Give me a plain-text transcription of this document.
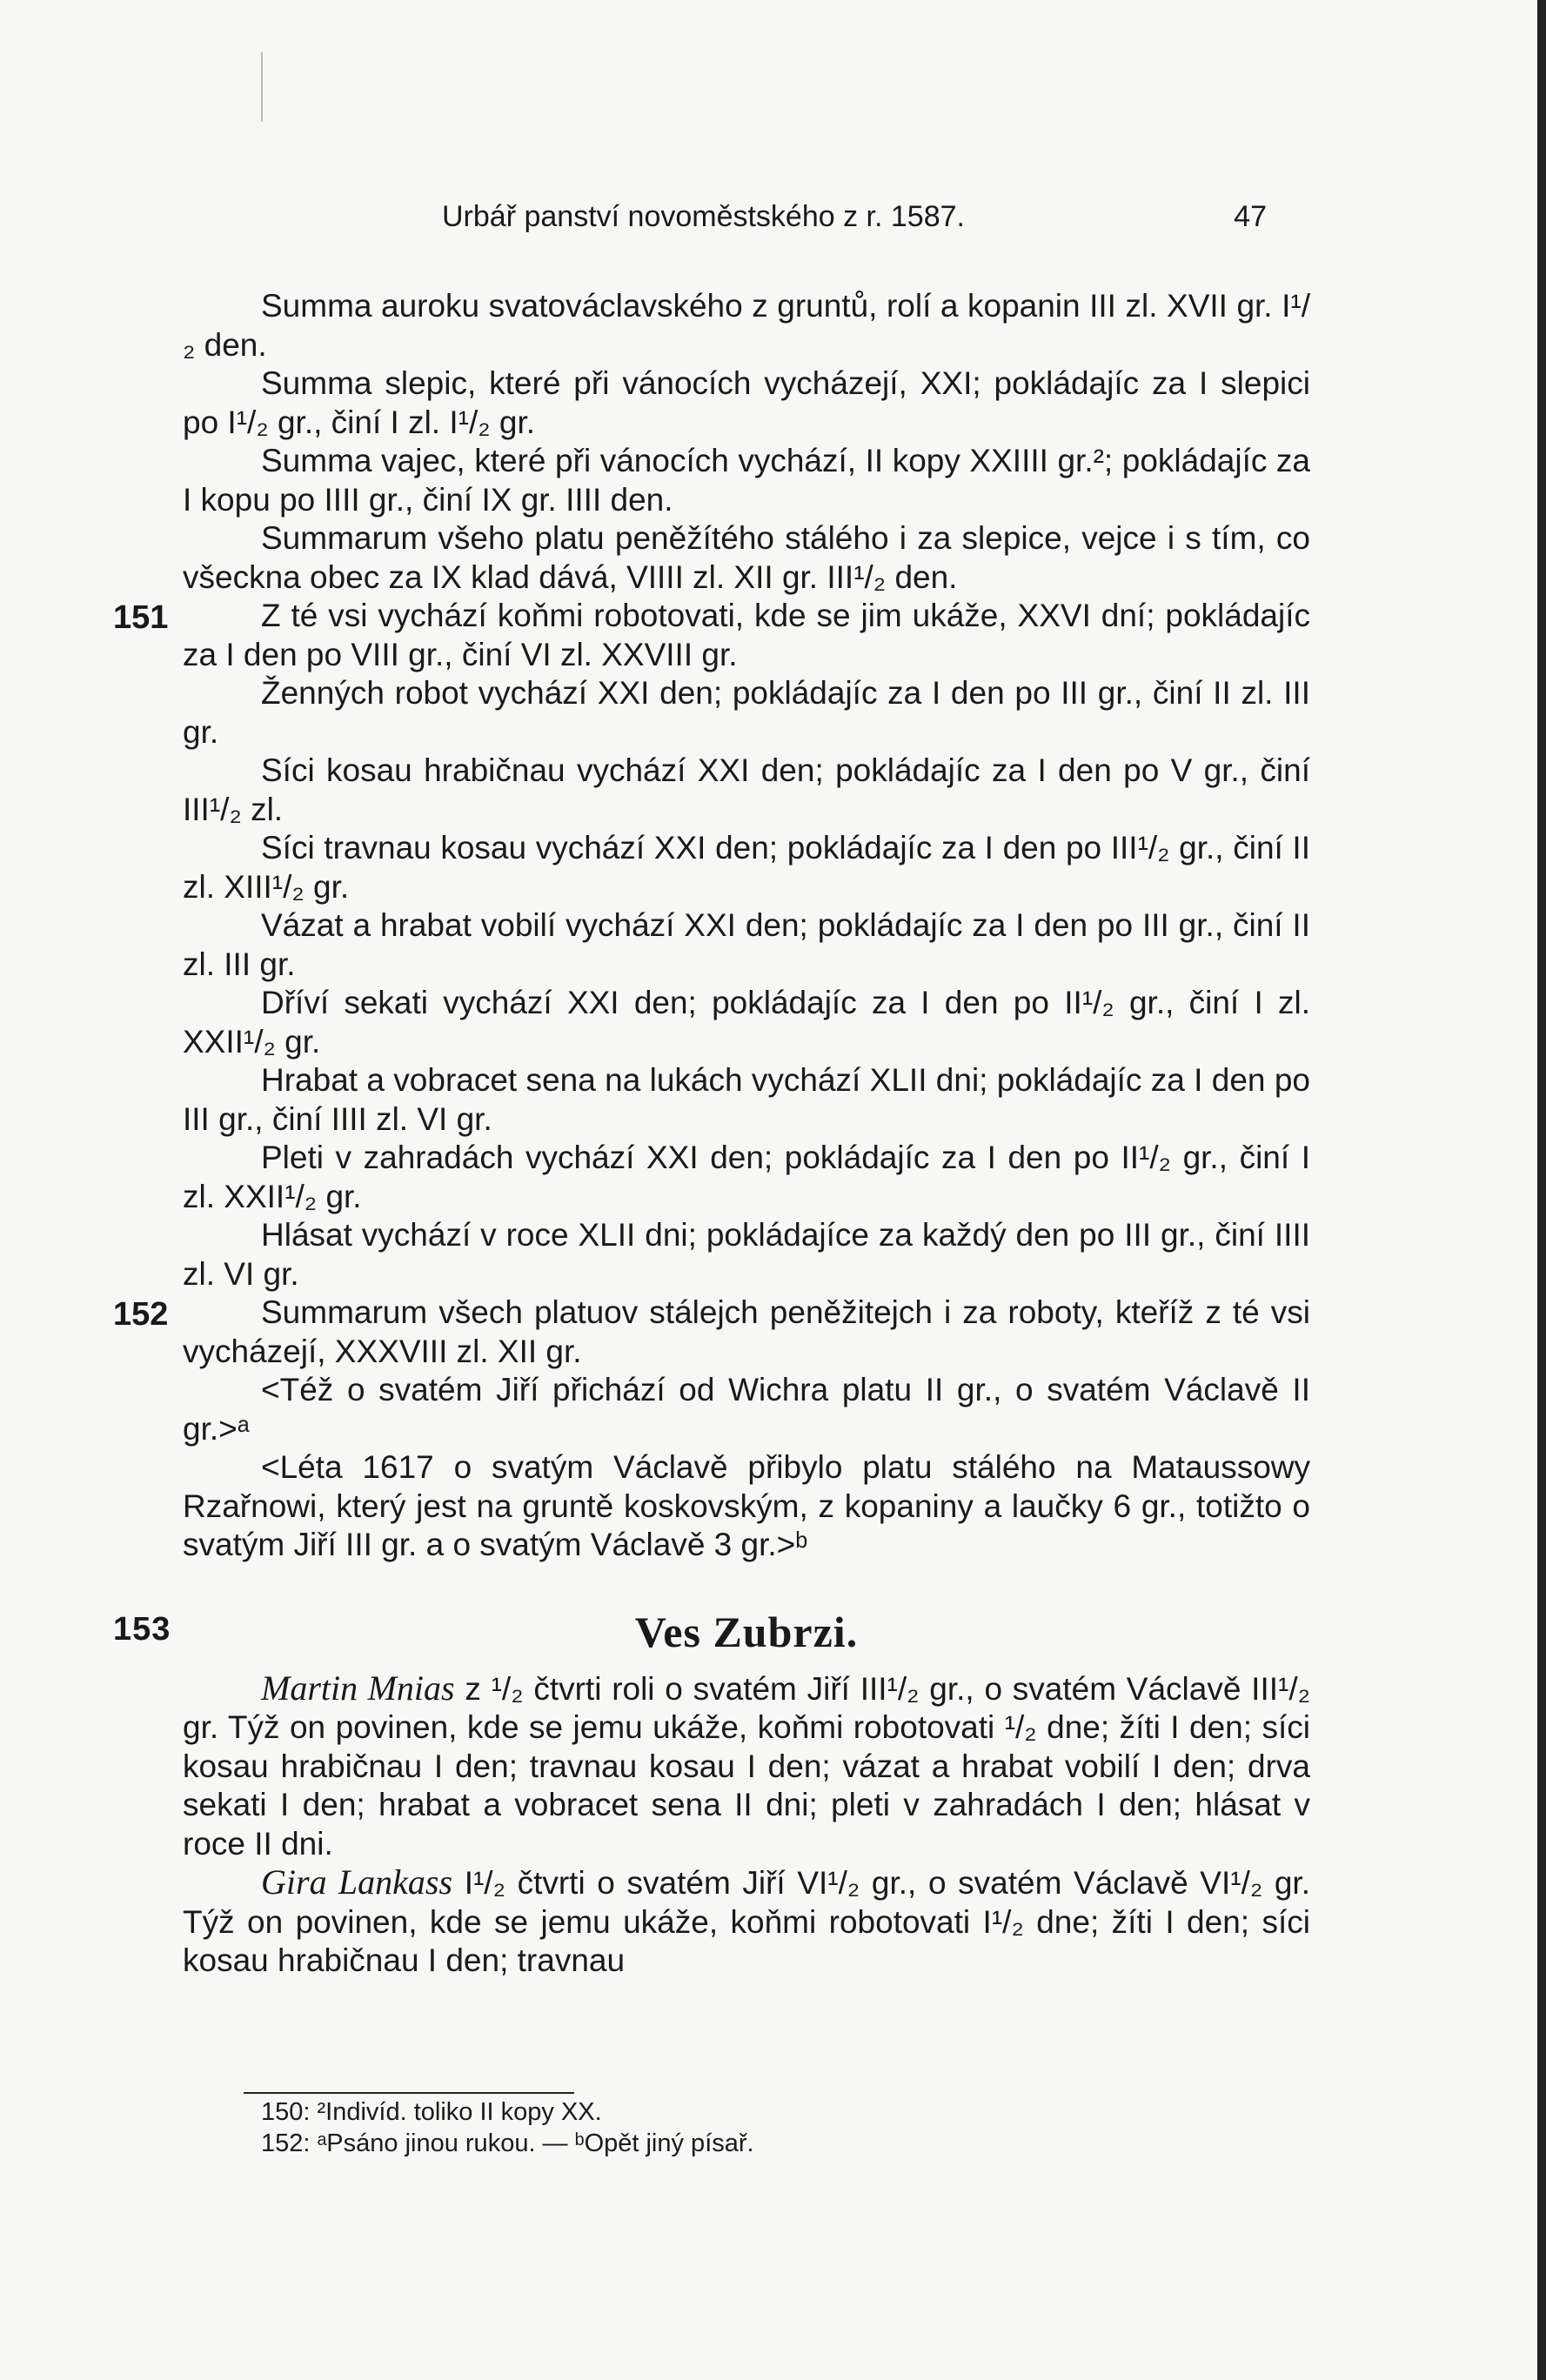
Urbář panství novoměstského z r. 1587.	47

Summa auroku svatováclavského z gruntů, rolí a kopanin III zl. XVII gr. I¹/₂ den.

Summa slepic, které při vánocích vycházejí, XXI; pokládajíc za I slepici po I¹/₂ gr., činí I zl. I¹/₂ gr.

Summa vajec, které při vánocích vychází, II kopy XXIIII gr.²; pokládajíc za I kopu po IIII gr., činí IX gr. IIII den.

Summarum všeho platu peněžítého stálého i za slepice, vejce i s tím, co všeckna obec za IX klad dává, VIIII zl. XII gr. III¹/₂ den.

151	Z té vsi vychází koňmi robotovati, kde se jim ukáže, XXVI dní; pokládajíc za I den po VIII gr., činí VI zl. XXVIII gr.

Ženných robot vychází XXI den; pokládajíc za I den po III gr., činí II zl. III gr.

Síci kosau hrabičnau vychází XXI den; pokládajíc za I den po V gr., činí III¹/₂ zl.

Síci travnau kosau vychází XXI den; pokládajíc za I den po III¹/₂ gr., činí II zl. XIII¹/₂ gr.

Vázat a hrabat vobilí vychází XXI den; pokládajíc za I den po III gr., činí II zl. III gr.

Dříví sekati vychází XXI den; pokládajíc za I den po II¹/₂ gr., činí I zl. XXII¹/₂ gr.

Hrabat a vobracet sena na lukách vychází XLII dni; pokládajíc za I den po III gr., činí IIII zl. VI gr.

Pleti v zahradách vychází XXI den; pokládajíc za I den po II¹/₂ gr., činí I zl. XXII¹/₂ gr.

Hlásat vychází v roce XLII dni; pokládajíce za každý den po III gr., činí IIII zl. VI gr.

152	Summarum všech platuov stálejch peněžitejch i za roboty, kteříž z té vsi vycházejí, XXXVIII zl. XII gr.

<Též o svatém Jiří přichází od Wichra platu II gr., o svatém Václavě II gr.>ᵃ

<Léta 1617 o svatým Václavě přibylo platu stálého na Mataussowy Rzařnowi, který jest na gruntě koskovským, z kopaniny a laučky 6 gr., totižto o svatým Jiří III gr. a o svatým Václavě 3 gr.>ᵇ

153	Ves Zubrzi.

Martin Mnias z ¹/₂ čtvrti roli o svatém Jiří III¹/₂ gr., o svatém Václavě III¹/₂ gr. Týž on povinen, kde se jemu ukáže, koňmi robotovati ¹/₂ dne; žíti I den; síci kosau hrabičnau I den; travnau kosau I den; vázat a hrabat vobilí I den; drva sekati I den; hrabat a vobracet sena II dni; pleti v zahradách I den; hlásat v roce II dni.

Gira Lankass I¹/₂ čtvrti o svatém Jiří VI¹/₂ gr., o svatém Václavě VI¹/₂ gr. Týž on povinen, kde se jemu ukáže, koňmi robotovati I¹/₂ dne; žíti I den; síci kosau hrabičnau I den; travnau

150: ²Indivíd. toliko II kopy XX.

152: ᵃPsáno jinou rukou. — ᵇOpět jiný písař.
